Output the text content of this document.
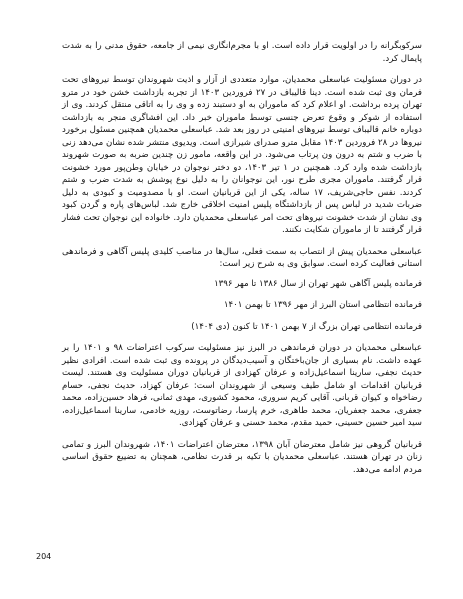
سرکوبگرانه را در اولویت قرار داده است. او با مجرم‌انگاری نیمی از جامعه، حقوق مدنی را به شدت پایمال کرد.

در دوران مسئولیت عباسعلی محمدیان، موارد متعددی از آزار و اذیت شهروندان توسط نیروهای تحت فرمان وی ثبت شده است. دینا قالیباف در ۲۷ فروردین ۱۴۰۳ از تجربه بازداشت خشن خود در مترو تهران پرده برداشت. او اعلام کرد که ماموران به او دستبند زده و وی را به اتاقی منتقل کردند. وی از استفاده از شوکر و وقوع تعرض جنسی توسط ماموران خبر داد. این افشاگری منجر به بازداشت دوباره خانم قالیباف توسط نیروهای امنیتی در روز بعد شد. عباسعلی محمدیان همچنین مسئول برخورد نیروها در ۲۸ فروردین ۱۴۰۳ مقابل مترو صدرای شیرازی است. ویدیوی منتشر شده نشان می‌دهد زنی با ضرب و شتم به درون ون پرتاب می‌شود. در این واقعه، مامور زن چندین ضربه به صورت شهروند بازداشت شده وارد کرد. همچنین در ۱ تیر ۱۴۰۳، دو دختر نوجوان در خیابان وطن‌پور مورد خشونت قرار گرفتند. ماموران مجری طرح نور، این نوجوانان را به دلیل نوع پوشش به شدت ضرب و شتم کردند. نفس حاجی‌شریف، ۱۷ ساله، یکی از این قربانیان است. او با مصدومیت و کبودی به دلیل ضربات شدید در لباس پس از بازداشتگاه پلیس امنیت اخلاقی خارج شد. لباس‌های پاره و گردن کبود وی نشان از شدت خشونت نیروهای تحت امر عباسعلی محمدیان دارد. خانواده این نوجوان تحت فشار قرار گرفتند تا از ماموران شکایت نکنند.

عباسعلی محمدیان پیش از انتصاب به سمت فعلی، سال‌ها در مناصب کلیدی پلیس آگاهی و فرماندهی استانی فعالیت کرده است. سوابق وی به شرح زیر است:

فرمانده پلیس آگاهی شهر تهران از سال ۱۳۸۶ تا مهر ۱۳۹۶

فرمانده انتظامی استان البرز از مهر ۱۳۹۶ تا بهمن ۱۴۰۱

فرمانده انتظامی تهران بزرگ از ۷ بهمن ۱۴۰۱ تا کنون (دی ۱۴۰۴)

عباسعلی محمدیان در دوران فرماندهی در البرز نیز مسئولیت سرکوب اعتراضات ۹۸ و ۱۴۰۱ را بر عهده داشت. نام بسیاری از جان‌باختگان و آسیب‌دیدگان در پرونده وی ثبت شده است. افرادی نظیر حدیث نجفی، سارینا اسماعیل‌زاده و عرفان کهزادی از قربانیان دوران مسئولیت وی هستند. لیست قربانیان اقدامات او شامل طیف وسیعی از شهروندان است: عرفان کهزاد، حدیث نجفی، حسام رضاخواه و کیوان قربانی. آقایی کریم سروری، محمود کشوری، مهدی ثمانی، فرهاد حسین‌زاده، محمد جعفری، محمد جعفریان، محمد طاهری، خرم پارسا، رضاتوست، روزیه خادمی، سارینا اسماعیل‌زاده، سید امیر حسین حسینی، حمید مقدم، محمد حسنی و عرفان کهزادی.

قربانیان گروهی نیز شامل معترضان آبان ۱۳۹۸، معترضان اعتراضات ۱۴۰۱، شهروندان البرز و تمامی زنان در تهران هستند. عباسعلی محمدیان با تکیه بر قدرت نظامی، همچنان به تضییع حقوق اساسی مردم ادامه می‌دهد.

204
